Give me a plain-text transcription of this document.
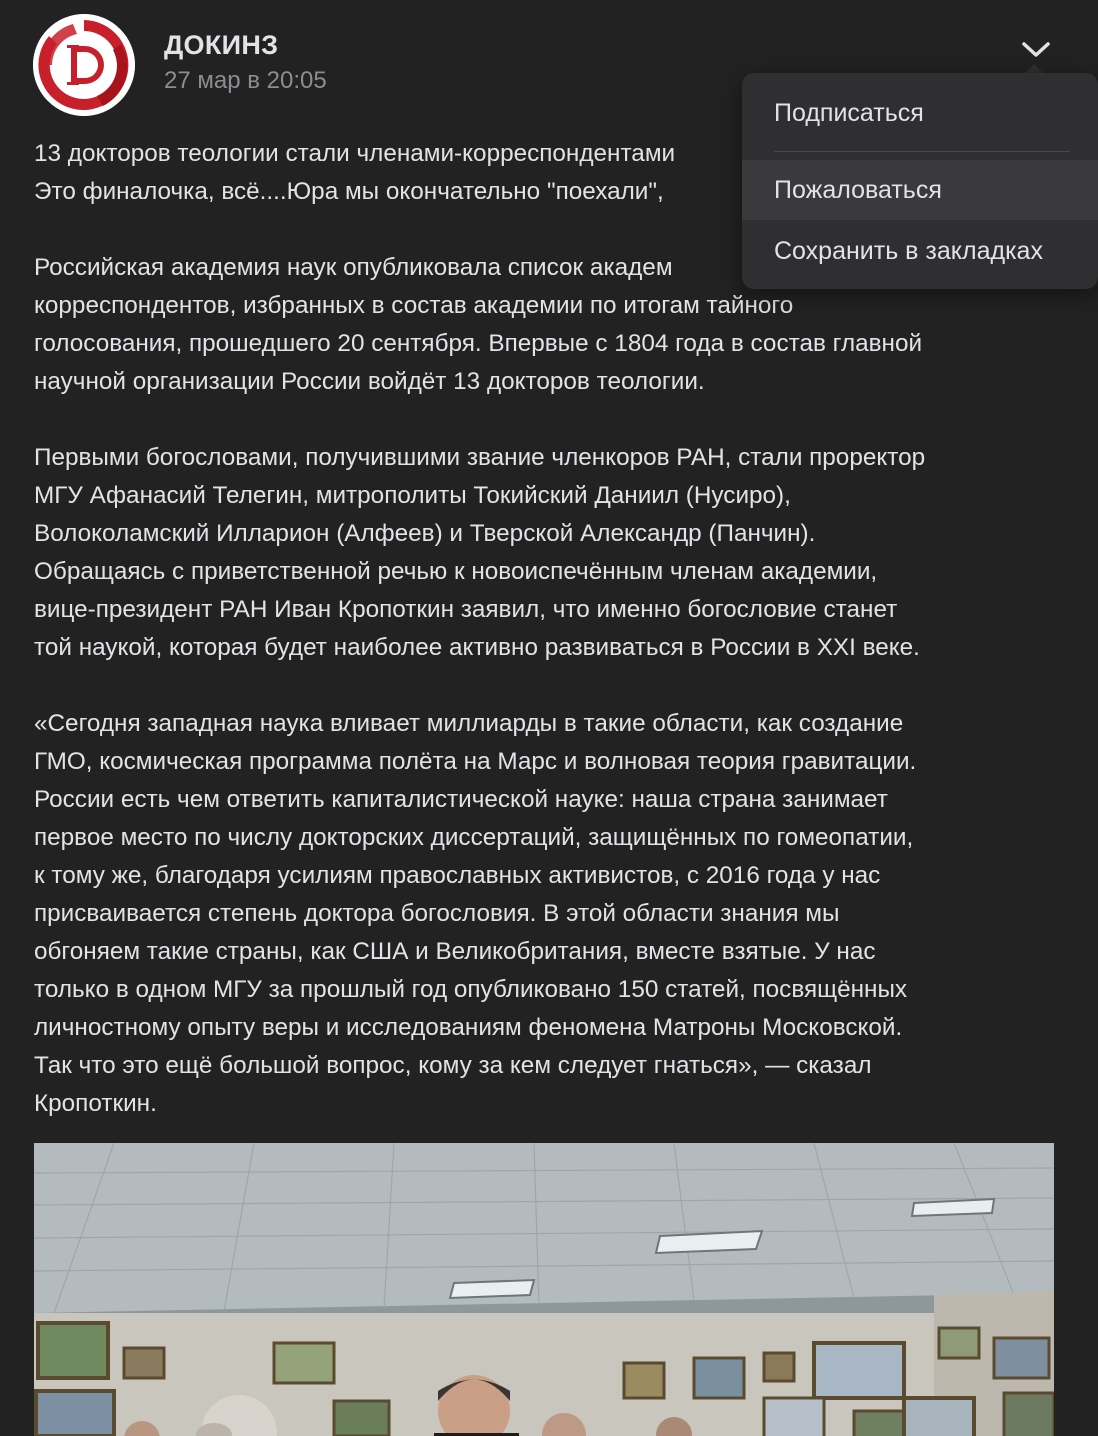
ДОКИНЗ
27 мар в 20:05

13 докторов теологии стали членами-корреспондентами
Это финалочка, всё....Юра мы окончательно "поехали",

Российская академия наук опубликовала список академ
корреспондентов, избранных в состав академии по итогам тайного
голосования, прошедшего 20 сентября. Впервые с 1804 года в состав главной
научной организации России войдёт 13 докторов теологии.

Первыми богословами, получившими звание членкоров РАН, стали проректор
МГУ Афанасий Телегин, митрополиты Токийский Даниил (Нусиро),
Волоколамский Илларион (Алфеев) и Тверской Александр (Панчин).
Обращаясь с приветственной речью к новоиспечённым членам академии,
вице-президент РАН Иван Кропоткин заявил, что именно богословие станет
той наукой, которая будет наиболее активно развиваться в России в XXI веке.

«Сегодня западная наука вливает миллиарды в такие области, как создание
ГМО, космическая программа полёта на Марс и волновая теория гравитации.
России есть чем ответить капиталистической науке: наша страна занимает
первое место по числу докторских диссертаций, защищённых по гомеопатии,
к тому же, благодаря усилиям православных активистов, с 2016 года у нас
присваивается степень доктора богословия. В этой области знания мы
обгоняем такие страны, как США и Великобритания, вместе взятые. У нас
только в одном МГУ за прошлый год опубликовано 150 статей, посвящённых
личностному опыту веры и исследованиям феномена Матроны Московской.
Так что это ещё большой вопрос, кому за кем следует гнаться», — сказал
Кропоткин.

Подписаться
Пожаловаться
Сохранить в закладках
